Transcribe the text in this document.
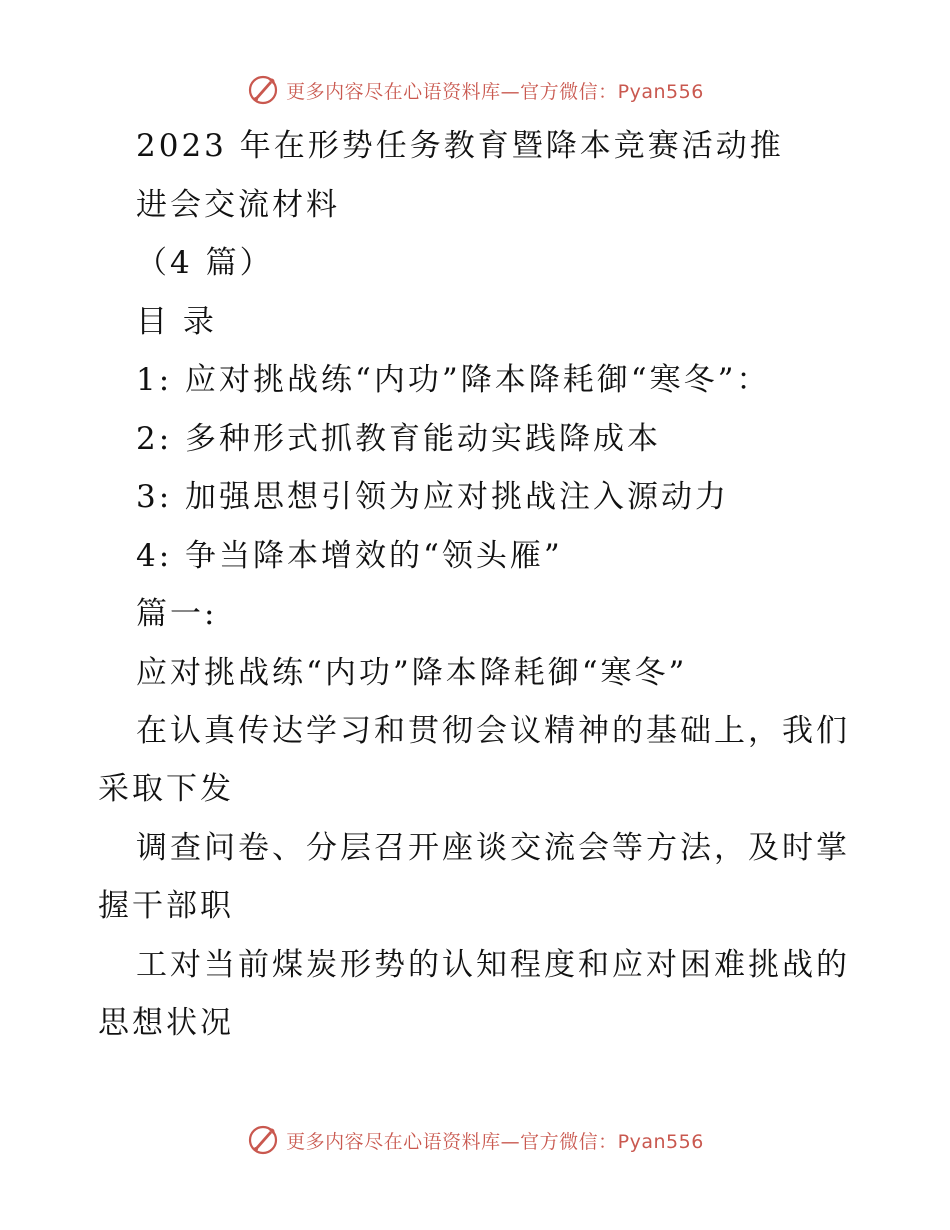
更多内容尽在心语资料库—官方微信：Pyan556
2023 年在形势任务教育暨降本竞赛活动推
进会交流材料
（4 篇）
目 录
1: 应对挑战练“内功”降本降耗御“寒冬”：
2: 多种形式抓教育能动实践降成本
3: 加强思想引领为应对挑战注入源动力
4: 争当降本增效的“领头雁”
篇一:
应对挑战练“内功”降本降耗御“寒冬”
在认真传达学习和贯彻会议精神的基础上，我们
采取下发
调查问卷、分层召开座谈交流会等方法，及时掌
握干部职
工对当前煤炭形势的认知程度和应对困难挑战的
思想状况
更多内容尽在心语资料库—官方微信：Pyan556
